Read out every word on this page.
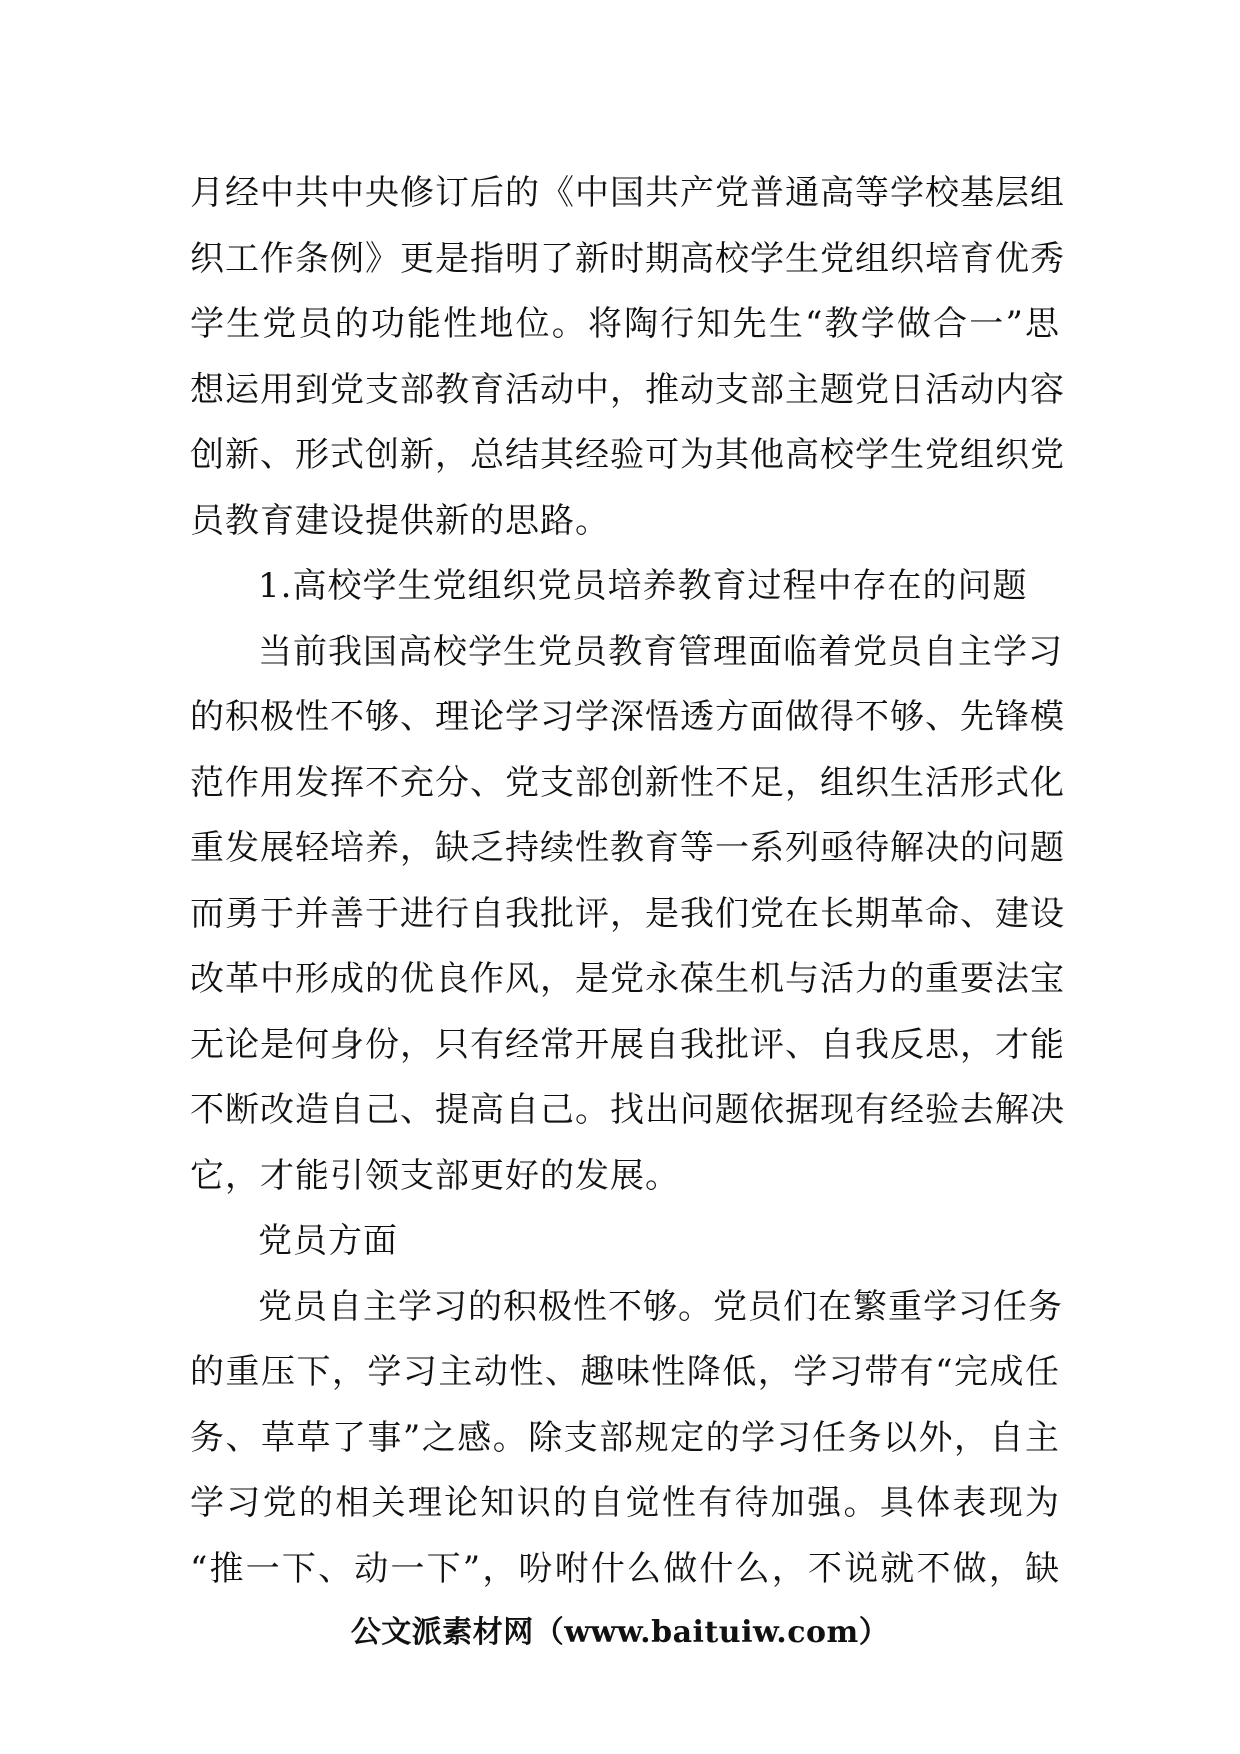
月经中共中央修订后的《中国共产党普通高等学校基层组
织工作条例》更是指明了新时期高校学生党组织培育优秀
学生党员的功能性地位。将陶行知先生“教学做合一”思
想运用到党支部教育活动中，推动支部主题党日活动内容
创新、形式创新，总结其经验可为其他高校学生党组织党
员教育建设提供新的思路。
1.高校学生党组织党员培养教育过程中存在的问题
当前我国高校学生党员教育管理面临着党员自主学习
的积极性不够、理论学习学深悟透方面做得不够、先锋模
范作用发挥不充分、党支部创新性不足，组织生活形式化
重发展轻培养，缺乏持续性教育等一系列亟待解决的问题
而勇于并善于进行自我批评，是我们党在长期革命、建设
改革中形成的优良作风，是党永葆生机与活力的重要法宝
无论是何身份，只有经常开展自我批评、自我反思，才能
不断改造自己、提高自己。找出问题依据现有经验去解决
它，才能引领支部更好的发展。
党员方面
党员自主学习的积极性不够。党员们在繁重学习任务
的重压下，学习主动性、趣味性降低，学习带有“完成任
务、草草了事”之感。除支部规定的学习任务以外，自主
学习党的相关理论知识的自觉性有待加强。具体表现为
“推一下、动一下”，吩咐什么做什么，不说就不做，缺
公文派素材网（www.baituiw.com）
